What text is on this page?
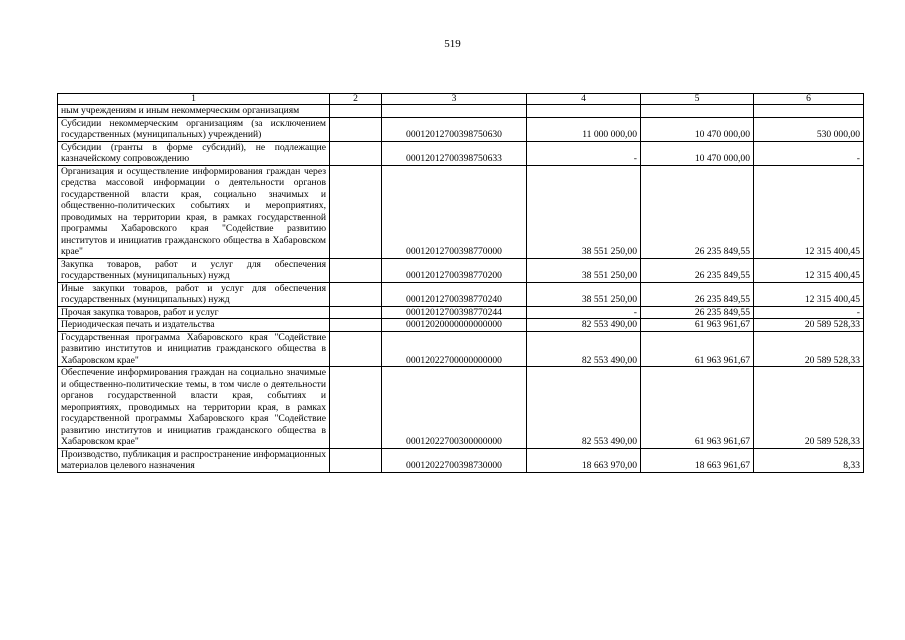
519
1	2	3	4	5	6
ным учреждениям и иным некоммерческим организациям					
Субсидии некоммерческим организациям (за исключением государственных (муниципальных) учреждений)		00012012700398750630	11 000 000,00	10 470 000,00	530 000,00
Субсидии (гранты в форме субсидий), не подлежащие казначейскому сопровождению		00012012700398750633	-	10 470 000,00	-
Организация и осуществление информирования граждан через средства массовой информации о деятельности органов государственной власти края, социально значимых и общественно-политических событиях и мероприятиях, проводимых на территории края, в рамках государственной программы Хабаровского края "Содействие развитию институтов и инициатив гражданского общества в Хабаровском крае"		00012012700398770000	38 551 250,00	26 235 849,55	12 315 400,45
Закупка товаров, работ и услуг для обеспечения государственных (муниципальных) нужд		00012012700398770200	38 551 250,00	26 235 849,55	12 315 400,45
Иные закупки товаров, работ и услуг для обеспечения государственных (муниципальных) нужд		00012012700398770240	38 551 250,00	26 235 849,55	12 315 400,45
Прочая закупка товаров, работ и услуг		00012012700398770244	-	26 235 849,55	-
Периодическая печать и издательства		00012020000000000000	82 553 490,00	61 963 961,67	20 589 528,33
Государственная программа Хабаровского края "Содействие развитию институтов и инициатив гражданского общества в Хабаровском крае"		00012022700000000000	82 553 490,00	61 963 961,67	20 589 528,33
Обеспечение информирования граждан на социально значимые и общественно-политические темы, в том числе о деятельности органов государственной власти края, событиях и мероприятиях, проводимых на территории края, в рамках государственной программы Хабаровского края "Содействие развитию институтов и инициатив гражданского общества в Хабаровском крае"		00012022700300000000	82 553 490,00	61 963 961,67	20 589 528,33
Производство, публикация и распространение информационных материалов целевого назначения		00012022700398730000	18 663 970,00	18 663 961,67	8,33
